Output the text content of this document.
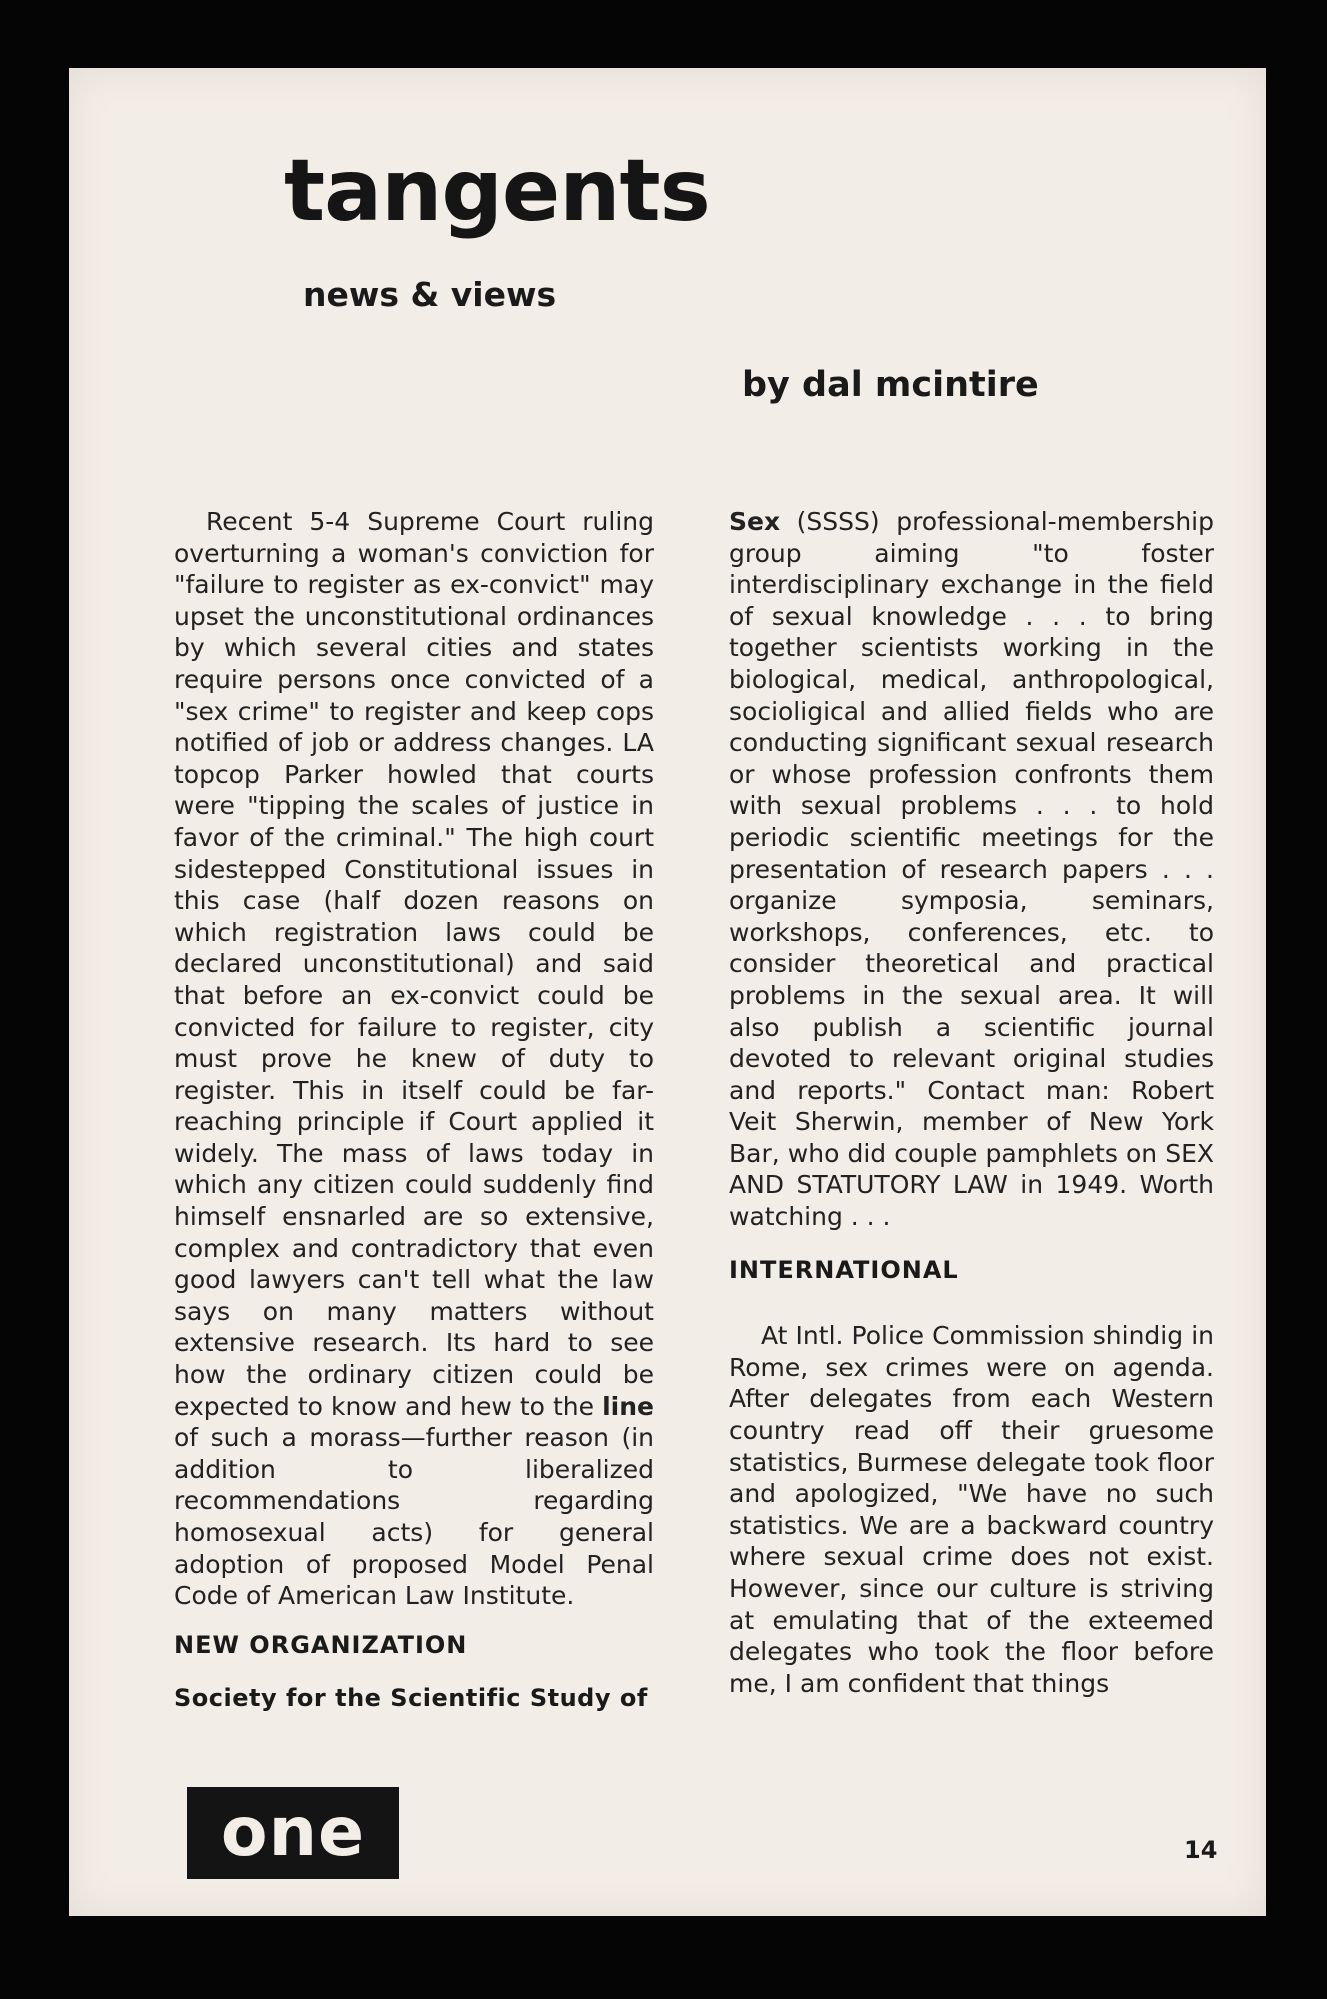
tangents
news & views
by dal mcintire

Recent 5-4 Supreme Court ruling overturning a woman's conviction for "failure to register as ex-convict" may upset the unconstitutional ordinances by which several cities and states require persons once convicted of a "sex crime" to register and keep cops notified of job or address changes. LA topcop Parker howled that courts were "tipping the scales of justice in favor of the criminal." The high court sidestepped Constitutional issues in this case (half dozen reasons on which registration laws could be declared unconstitutional) and said that before an ex-convict could be convicted for failure to register, city must prove he knew of duty to register. This in itself could be far-reaching principle if Court applied it widely. The mass of laws today in which any citizen could suddenly find himself ensnarled are so extensive, complex and contradictory that even good lawyers can't tell what the law says on many matters without extensive research. Its hard to see how the ordinary citizen could be expected to know and hew to the line of such a morass—further reason (in addition to liberalized recommendations regarding homosexual acts) for general adoption of proposed Model Penal Code of American Law Institute.

NEW ORGANIZATION

Society for the Scientific Study of

Sex (SSSS) professional-membership group aiming "to foster interdisciplinary exchange in the field of sexual knowledge . . . to bring together scientists working in the biological, medical, anthropological, socioligical and allied fields who are conducting significant sexual research or whose profession confronts them with sexual problems . . . to hold periodic scientific meetings for the presentation of research papers . . . organize symposia, seminars, workshops, conferences, etc. to consider theoretical and practical problems in the sexual area. It will also publish a scientific journal devoted to relevant original studies and reports." Contact man: Robert Veit Sherwin, member of New York Bar, who did couple pamphlets on SEX AND STATUTORY LAW in 1949. Worth watching . . .

INTERNATIONAL

At Intl. Police Commission shindig in Rome, sex crimes were on agenda. After delegates from each Western country read off their gruesome statistics, Burmese delegate took floor and apologized, "We have no such statistics. We are a backward country where sexual crime does not exist. However, since our culture is striving at emulating that of the exteemed delegates who took the floor before me, I am confident that things

one	14
